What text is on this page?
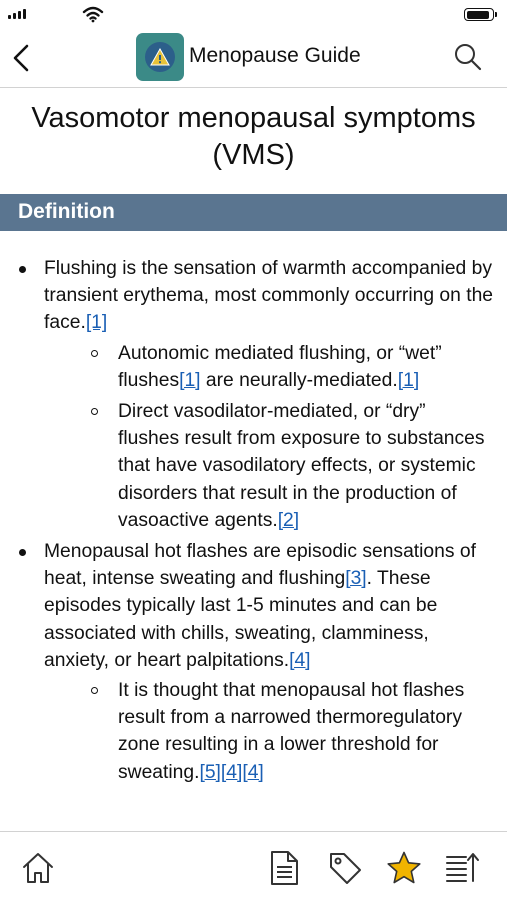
Menopause Guide
Vasomotor menopausal symptoms (VMS)
Definition
Flushing is the sensation of warmth accompanied by transient erythema, most commonly occurring on the face.[1]
Autonomic mediated flushing, or “wet” flushes[1] are neurally-mediated.[1]
Direct vasodilator-mediated, or “dry” flushes result from exposure to substances that have vasodilatory effects, or systemic disorders that result in the production of vasoactive agents.[2]
Menopausal hot flashes are episodic sensations of heat, intense sweating and flushing[3]. These episodes typically last 1-5 minutes and can be associated with chills, sweating, clamminess, anxiety, or heart palpitations.[4]
It is thought that menopausal hot flashes result from a narrowed thermoregulatory zone resulting in a lower threshold for sweating.[5][4][4]
